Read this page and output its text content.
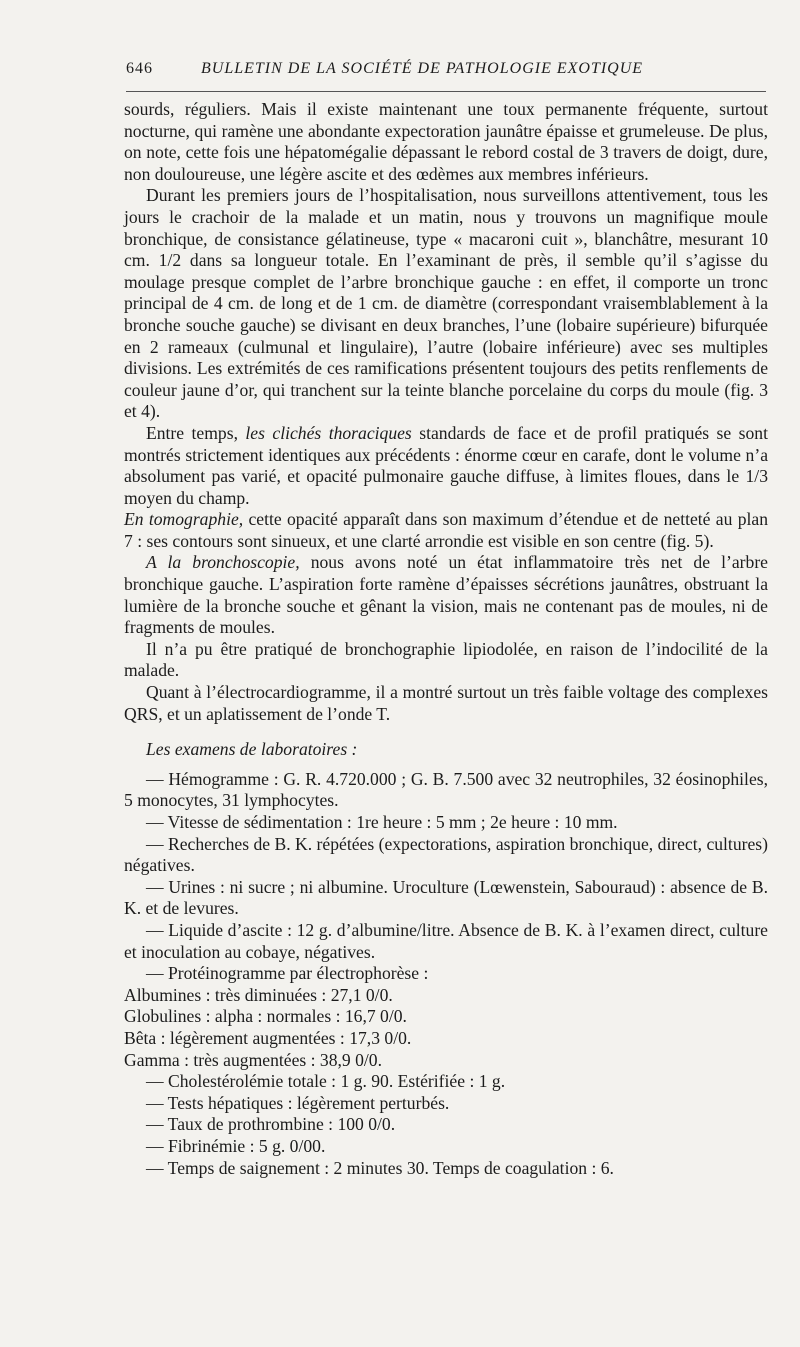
646	BULLETIN DE LA SOCIÉTÉ DE PATHOLOGIE EXOTIQUE

sourds, réguliers. Mais il existe maintenant une toux permanente fréquente, surtout nocturne, qui ramène une abondante expectoration jaunâtre épaisse et grumeleuse. De plus, on note, cette fois une hépatomégalie dépassant le rebord costal de 3 travers de doigt, dure, non douloureuse, une légère ascite et des œdèmes aux membres inférieurs.

Durant les premiers jours de l’hospitalisation, nous surveillons attentivement, tous les jours le crachoir de la malade et un matin, nous y trouvons un magnifique moule bronchique, de consistance gélatineuse, type « macaroni cuit », blanchâtre, mesurant 10 cm. 1/2 dans sa longueur totale. En l’examinant de près, il semble qu’il s’agisse du moulage presque complet de l’arbre bronchique gauche : en effet, il comporte un tronc principal de 4 cm. de long et de 1 cm. de diamètre (correspondant vraisemblablement à la bronche souche gauche) se divisant en deux branches, l’une (lobaire supérieure) bifurquée en 2 rameaux (culmunal et lingulaire), l’autre (lobaire inférieure) avec ses multiples divisions. Les extrémités de ces ramifications présentent toujours des petits renflements de couleur jaune d’or, qui tranchent sur la teinte blanche porcelaine du corps du moule (fig. 3 et 4).

Entre temps, les clichés thoraciques standards de face et de profil pratiqués se sont montrés strictement identiques aux précédents : énorme cœur en carafe, dont le volume n’a absolument pas varié, et opacité pulmonaire gauche diffuse, à limites floues, dans le 1/3 moyen du champ.

En tomographie, cette opacité apparaît dans son maximum d’étendue et de netteté au plan 7 : ses contours sont sinueux, et une clarté arrondie est visible en son centre (fig. 5).

A la bronchoscopie, nous avons noté un état inflammatoire très net de l’arbre bronchique gauche. L’aspiration forte ramène d’épaisses sécrétions jaunâtres, obstruant la lumière de la bronche souche et gênant la vision, mais ne contenant pas de moules, ni de fragments de moules.

Il n’a pu être pratiqué de bronchographie lipiodolée, en raison de l’indocilité de la malade.

Quant à l’électrocardiogramme, il a montré surtout un très faible voltage des complexes QRS, et un aplatissement de l’onde T.

Les examens de laboratoires :

— Hémogramme : G. R. 4.720.000 ; G. B. 7.500 avec 32 neutrophiles, 32 éosinophiles, 5 monocytes, 31 lymphocytes.

— Vitesse de sédimentation : 1re heure : 5 mm ; 2e heure : 10 mm.

— Recherches de B. K. répétées (expectorations, aspiration bronchique, direct, cultures) négatives.

— Urines : ni sucre ; ni albumine. Uroculture (Lœwenstein, Sabouraud) : absence de B. K. et de levures.

— Liquide d’ascite : 12 g. d’albumine/litre. Absence de B. K. à l’examen direct, culture et inoculation au cobaye, négatives.

— Protéinogramme par électrophorèse :

Albumines : très diminuées : 27,1 0/0.

Globulines : alpha : normales : 16,7 0/0.

Bêta : légèrement augmentées : 17,3 0/0.

Gamma : très augmentées : 38,9 0/0.

— Cholestérolémie totale : 1 g. 90. Estérifiée : 1 g.

— Tests hépatiques : légèrement perturbés.

— Taux de prothrombine : 100 0/0.

— Fibrinémie : 5 g. 0/00.

— Temps de saignement : 2 minutes 30. Temps de coagulation : 6.
